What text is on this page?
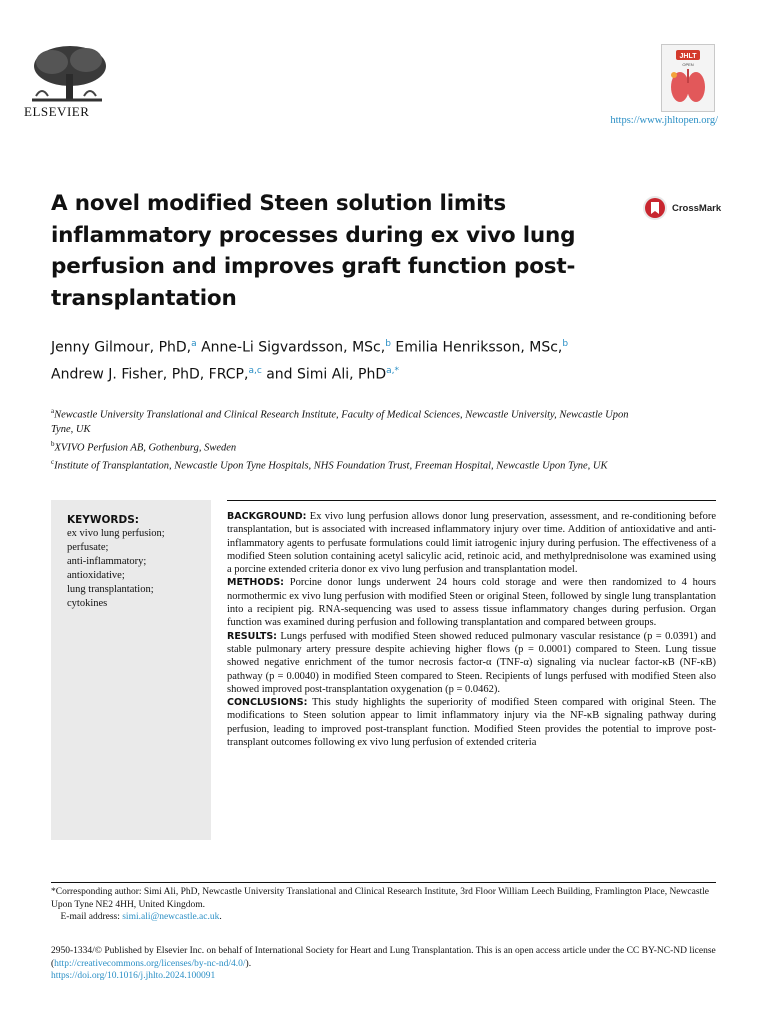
ELSEVIER
JHLT
OPEN
https://www.jhltopen.org/
A novel modified Steen solution limits inflammatory processes during ex vivo lung perfusion and improves graft function post-transplantation
CrossMark
Jenny Gilmour, PhD,$^a$ Anne-Li Sigvardsson, MSc,$^b$ Emilia Henriksson, MSc,$^b$
Andrew J. Fisher, PhD, FRCP,$^{a,c}$ and Simi Ali, PhD$^{a,*}$

$^a$Newcastle University Translational and Clinical Research Institute, Faculty of Medical Sciences, Newcastle University, Newcastle Upon Tyne, UK

$^b$XVIVO Perfusion AB, Gothenburg, Sweden

$^c$Institute of Transplantation, Newcastle Upon Tyne Hospitals, NHS Foundation Trust, Freeman Hospital, Newcastle Upon Tyne, UK

KEYWORDS:

ex vivo lung perfusion;
perfusate;
anti-inflammatory;
antioxidative;
lung transplantation;
cytokines

BACKGROUND: Ex vivo lung perfusion allows donor lung preservation, assessment, and re-conditioning before transplantation, but is associated with increased inflammatory injury over time. Addition of antioxidative and anti-inflammatory agents to perfusate formulations could limit iatrogenic injury during perfusion. The effectiveness of a modified Steen solution containing acetyl salicylic acid, retinoic acid, and methylprednisolone was examined using a porcine extended criteria donor ex vivo lung perfusion and transplantation model.

METHODS: Porcine donor lungs underwent 24 hours cold storage and were then randomized to 4 hours normothermic ex vivo lung perfusion with modified Steen or original Steen, followed by single lung transplantation into a recipient pig. RNA-sequencing was used to assess tissue inflammatory changes during perfusion. Organ function was examined during perfusion and following transplantation and compared between groups.

RESULTS: Lungs perfused with modified Steen showed reduced pulmonary vascular resistance (p = 0.0391) and stable pulmonary artery pressure despite achieving higher flows (p = 0.0001) compared to Steen. Lung tissue showed negative enrichment of the tumor necrosis factor-α (TNF-α) signaling via nuclear factor-κB (NF-κB) pathway (p = 0.0040) in modified Steen compared to Steen. Recipients of lungs perfused with modified Steen also showed improved post-transplantation oxygenation (p = 0.0462).

CONCLUSIONS: This study highlights the superiority of modified Steen compared with original Steen. The modifications to Steen solution appear to limit inflammatory injury via the NF-κB signaling pathway during perfusion, leading to improved post-transplant function. Modified Steen provides the potential to improve post-transplant outcomes following ex vivo lung perfusion of extended criteria

*Corresponding author: Simi Ali, PhD, Newcastle University Translational and Clinical Research Institute, 3rd Floor William Leech Building, Framlington Place, Newcastle Upon Tyne NE2 4HH, United Kingdom.

E-mail address: simi.ali@newcastle.ac.uk.

2950-1334/© Published by Elsevier Inc. on behalf of International Society for Heart and Lung Transplantation. This is an open access article under the CC BY-NC-ND license (http://creativecommons.org/licenses/by-nc-nd/4.0/).

https://doi.org/10.1016/j.jhlto.2024.100091
